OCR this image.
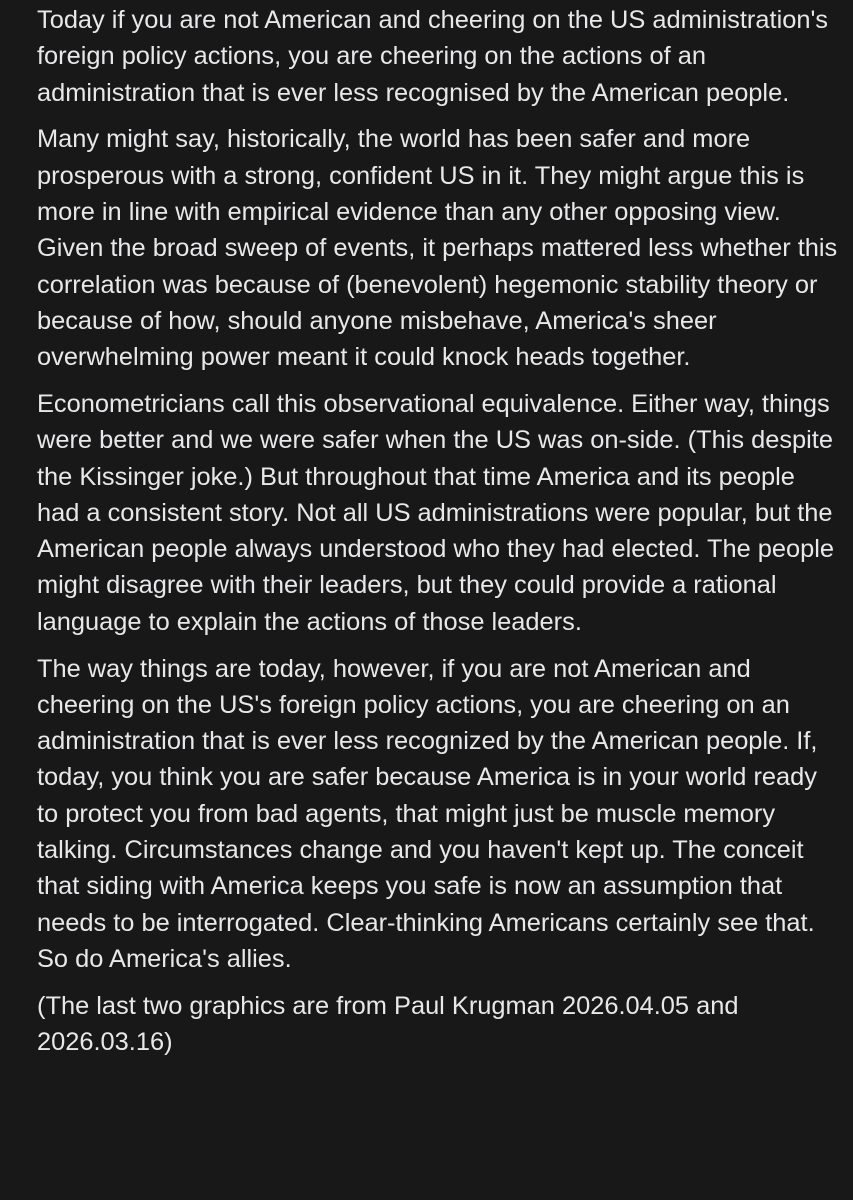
Today if you are not American and cheering on the US administration's foreign policy actions, you are cheering on the actions of an administration that is ever less recognised by the American people.

Many might say, historically, the world has been safer and more prosperous with a strong, confident US in it. They might argue this is more in line with empirical evidence than any other opposing view. Given the broad sweep of events, it perhaps mattered less whether this correlation was because of (benevolent) hegemonic stability theory or because of how, should anyone misbehave, America's sheer overwhelming power meant it could knock heads together.

Econometricians call this observational equivalence. Either way, things were better and we were safer when the US was on-side. (This despite the Kissinger joke.) But throughout that time America and its people had a consistent story. Not all US administrations were popular, but the American people always understood who they had elected. The people might disagree with their leaders, but they could provide a rational language to explain the actions of those leaders.

The way things are today, however, if you are not American and cheering on the US's foreign policy actions, you are cheering on an administration that is ever less recognized by the American people. If, today, you think you are safer because America is in your world ready to protect you from bad agents, that might just be muscle memory talking. Circumstances change and you haven't kept up. The conceit that siding with America keeps you safe is now an assumption that needs to be interrogated. Clear-thinking Americans certainly see that. So do America's allies.

(The last two graphics are from Paul Krugman 2026.04.05 and 2026.03.16)
